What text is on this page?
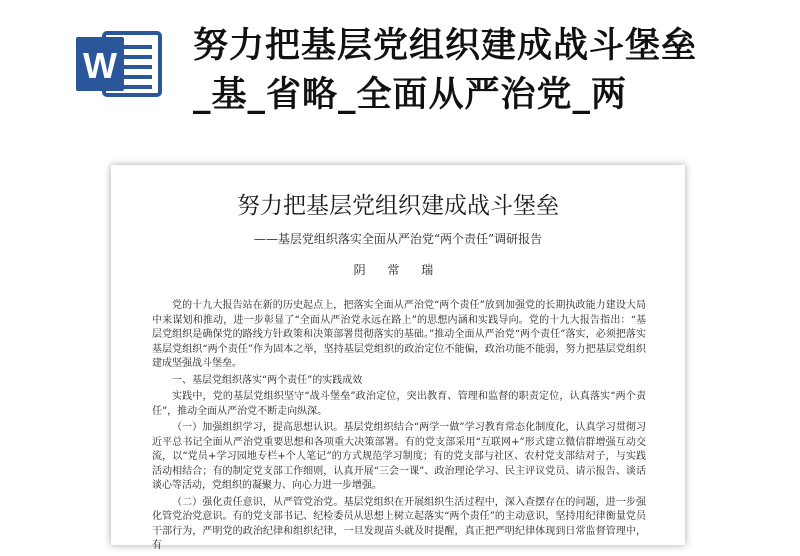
W 努力把基层党组织建成战斗堡垒
_基_省略_全面从严治党_两
努力把基层党组织建成战斗堡垒
——基层党组织落实全面从严治党“两个责任”调研报告
阴 常 瑞

党的十九大报告站在新的历史起点上，把落实全面从严治党“两个责任”放到加强党的长期执政能力建设大局中来谋划和推动，进一步彰显了“全面从严治党永远在路上”的思想内涵和实践导向。党的十九大报告指出：“基层党组织是确保党的路线方针政策和决策部署贯彻落实的基础。”推动全面从严治党“两个责任”落实，必须把落实基层党组织“两个责任”作为固本之举，坚持基层党组织的政治定位不能偏，政治功能不能弱，努力把基层党组织建成坚强战斗堡垒。

一、基层党组织落实“两个责任”的实践成效

实践中，党的基层党组织坚守“战斗堡垒”政治定位，突出教育、管理和监督的职责定位，认真落实“两个责任”，推动全面从严治党不断走向纵深。

（一）加强组织学习，提高思想认识。基层党组织结合“两学一做”学习教育常态化制度化，认真学习贯彻习近平总书记全面从严治党重要思想和各项重大决策部署。有的党支部采用“互联网+”形式建立微信群增强互动交流，以“党员+学习园地专栏+个人笔记”的方式规范学习制度；有的党支部与社区、农村党支部结对子，与实践活动相结合；有的制定党支部工作细则，认真开展“三会一课”、政治理论学习、民主评议党员、请示报告、谈话谈心等活动，党组织的凝聚力、向心力进一步增强。

（二）强化责任意识，从严管党治党。基层党组织在开展组织生活过程中，深入查摆存在的问题，进一步强化管党治党意识。有的党支部书记、纪检委员从思想上树立起落实“两个责任”的主动意识，坚持用纪律衡量党员干部行为，严明党的政治纪律和组织纪律，一旦发现苗头就及时提醒，真正把严明纪律体现到日常监督管理中，有
